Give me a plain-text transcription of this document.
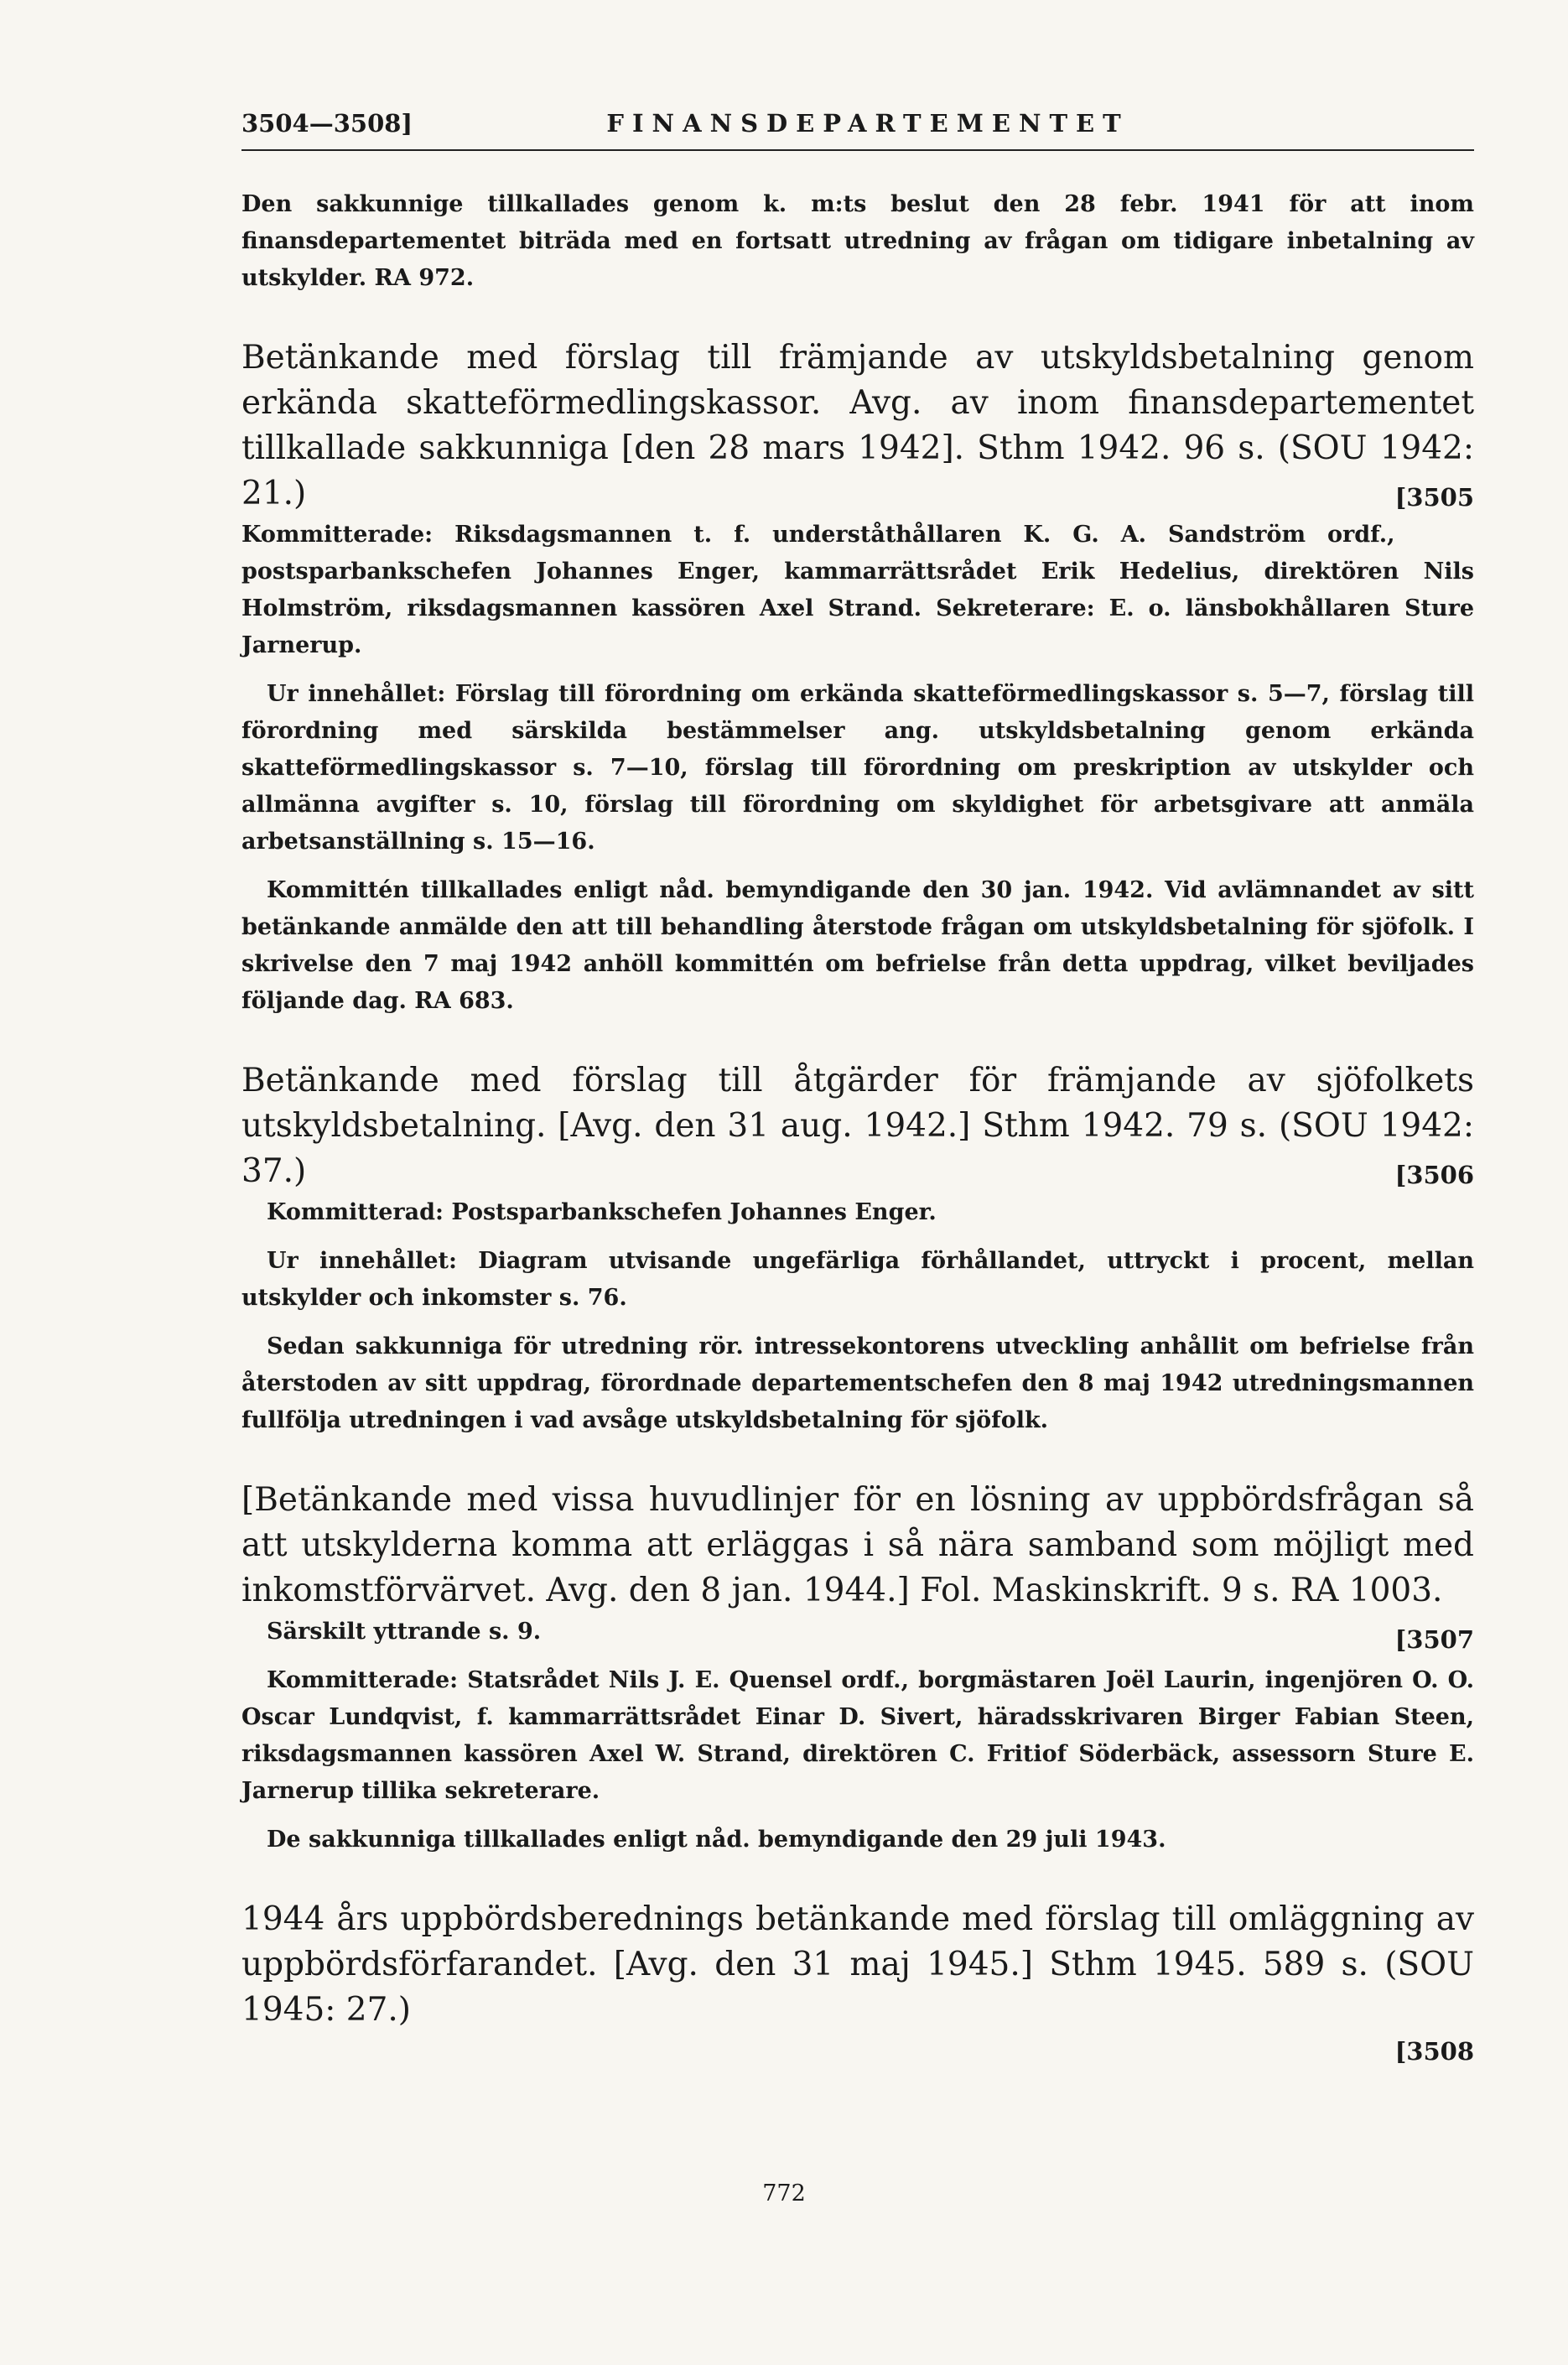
3504—3508]	FINANSDEPARTEMENTET

Den sakkunnige tillkallades genom k. m:ts beslut den 28 febr. 1941 för att inom finansdepartementet biträda med en fortsatt utredning av frågan om tidigare inbetalning av utskylder. RA 972.

Betänkande med förslag till främjande av utskyldsbetalning genom erkända skatteförmedlingskassor. Avg. av inom finansdepartementet tillkallade sakkunniga [den 28 mars 1942]. Sthm 1942. 96 s. (SOU 1942: 21.)	[3505

Kommitterade: Riksdagsmannen t. f. underståthållaren K. G. A. Sandström ordf., postsparbankschefen Johannes Enger, kammarrättsrådet Erik Hedelius, direktören Nils Holmström, riksdagsmannen kassören Axel Strand. Sekreterare: E. o. länsbokhållaren Sture Jarnerup.

Ur innehållet: Förslag till förordning om erkända skatteförmedlingskassor s. 5—7, förslag till förordning med särskilda bestämmelser ang. utskyldsbetalning genom erkända skatteförmedlingskassor s. 7—10, förslag till förordning om preskription av utskylder och allmänna avgifter s. 10, förslag till förordning om skyldighet för arbetsgivare att anmäla arbetsanställning s. 15—16.

Kommittén tillkallades enligt nåd. bemyndigande den 30 jan. 1942. Vid avlämnandet av sitt betänkande anmälde den att till behandling återstode frågan om utskyldsbetalning för sjöfolk. I skrivelse den 7 maj 1942 anhöll kommittén om befrielse från detta uppdrag, vilket beviljades följande dag. RA 683.

Betänkande med förslag till åtgärder för främjande av sjöfolkets utskyldsbetalning. [Avg. den 31 aug. 1942.] Sthm 1942. 79 s. (SOU 1942: 37.)	[3506

Kommitterad: Postsparbankschefen Johannes Enger.

Ur innehållet: Diagram utvisande ungefärliga förhållandet, uttryckt i procent, mellan utskylder och inkomster s. 76.

Sedan sakkunniga för utredning rör. intressekontorens utveckling anhållit om befrielse från återstoden av sitt uppdrag, förordnade departementschefen den 8 maj 1942 utredningsmannen fullfölja utredningen i vad avsåge utskyldsbetalning för sjöfolk.

[Betänkande med vissa huvudlinjer för en lösning av uppbördsfrågan så att utskylderna komma att erläggas i så nära samband som möjligt med inkomstförvärvet. Avg. den 8 jan. 1944.] Fol. Maskinskrift. 9 s. RA 1003.
[3507

Särskilt yttrande s. 9.

Kommitterade: Statsrådet Nils J. E. Quensel ordf., borgmästaren Joël Laurin, ingenjören O. O. Oscar Lundqvist, f. kammarrättsrådet Einar D. Sivert, häradsskrivaren Birger Fabian Steen, riksdagsmannen kassören Axel W. Strand, direktören C. Fritiof Söderbäck, assessorn Sture E. Jarnerup tillika sekreterare.

De sakkunniga tillkallades enligt nåd. bemyndigande den 29 juli 1943.

1944 års uppbördsberednings betänkande med förslag till omläggning av uppbördsförfarandet. [Avg. den 31 maj 1945.] Sthm 1945. 589 s. (SOU 1945: 27.)

[3508

772
